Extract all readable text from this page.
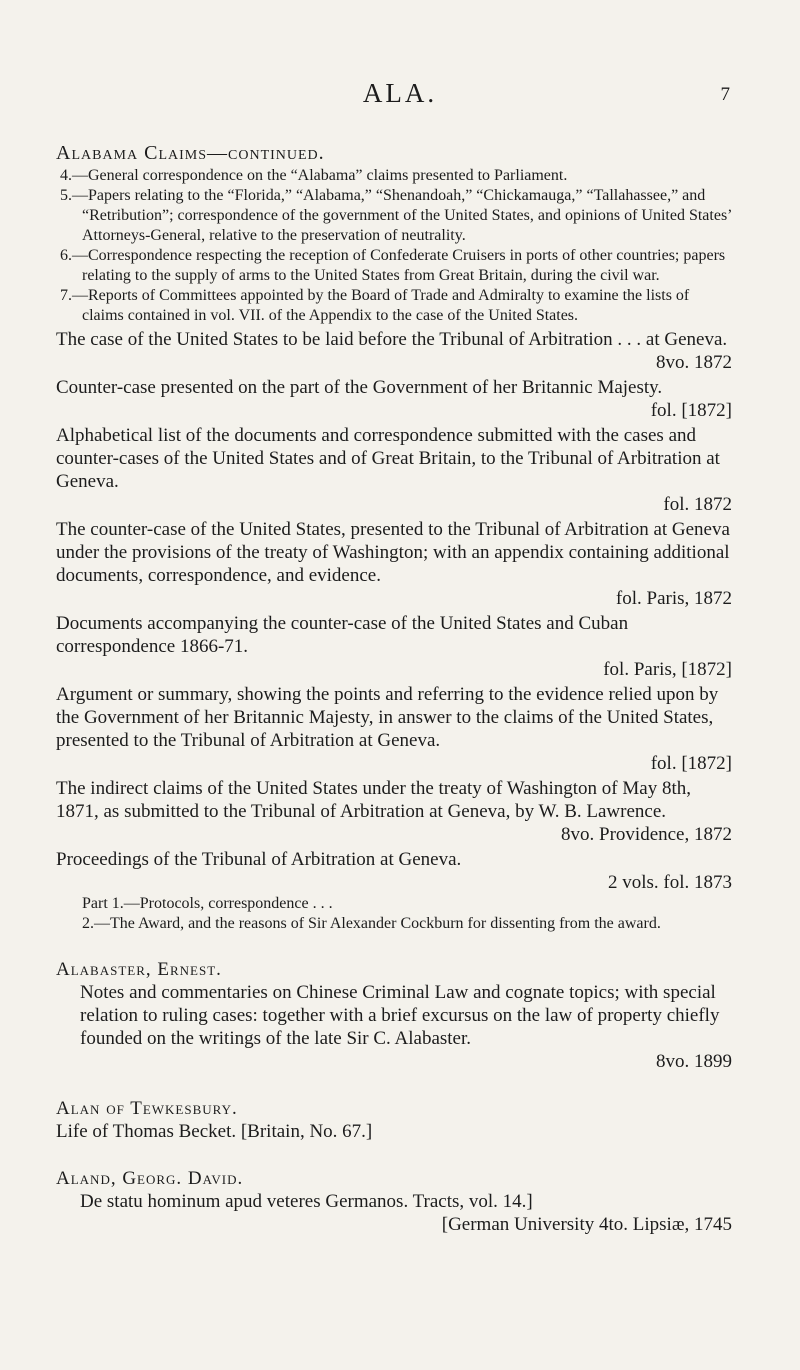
ALA.	7
Alabama Claims—continued.
4.—General correspondence on the “Alabama” claims presented to Parliament.
5.—Papers relating to the “Florida,” “Alabama,” “Shenandoah,” “Chickamauga,” “Tallahassee,” and “Retribution”; correspondence of the government of the United States, and opinions of United States’ Attorneys-General, relative to the preservation of neutrality.
6.—Correspondence respecting the reception of Confederate Cruisers in ports of other countries; papers relating to the supply of arms to the United States from Great Britain, during the civil war.
7.—Reports of Committees appointed by the Board of Trade and Admiralty to examine the lists of claims contained in vol. VII. of the Appendix to the case of the United States.
The case of the United States to be laid before the Tribunal of Arbitration . . . at Geneva.
8vo. 1872
Counter-case presented on the part of the Government of her Britannic Majesty.
fol. [1872]
Alphabetical list of the documents and correspondence submitted with the cases and counter-cases of the United States and of Great Britain, to the Tribunal of Arbitration at Geneva.
fol. 1872
The counter-case of the United States, presented to the Tribunal of Arbitration at Geneva under the provisions of the treaty of Washington; with an appendix containing additional documents, correspondence, and evidence.
fol. Paris, 1872
Documents accompanying the counter-case of the United States and Cuban correspondence 1866-71.
fol. Paris, [1872]
Argument or summary, showing the points and referring to the evidence relied upon by the Government of her Britannic Majesty, in answer to the claims of the United States, presented to the Tribunal of Arbitration at Geneva.
fol. [1872]
The indirect claims of the United States under the treaty of Washington of May 8th, 1871, as submitted to the Tribunal of Arbitration at Geneva, by W. B. Lawrence.
8vo. Providence, 1872
Proceedings of the Tribunal of Arbitration at Geneva.
2 vols. fol. 1873
Part 1.—Protocols, correspondence . . .
2.—The Award, and the reasons of Sir Alexander Cockburn for dissenting from the award.
Alabaster, Ernest.
Notes and commentaries on Chinese Criminal Law and cognate topics; with special relation to ruling cases: together with a brief excursus on the law of property chiefly founded on the writings of the late Sir C. Alabaster.
8vo. 1899
Alan of Tewkesbury.
Life of Thomas Becket. [Britain, No. 67.]
Aland, Georg. David.
De statu hominum apud veteres Germanos. Tracts, vol. 14.]
[German University 4to. Lipsiæ, 1745
